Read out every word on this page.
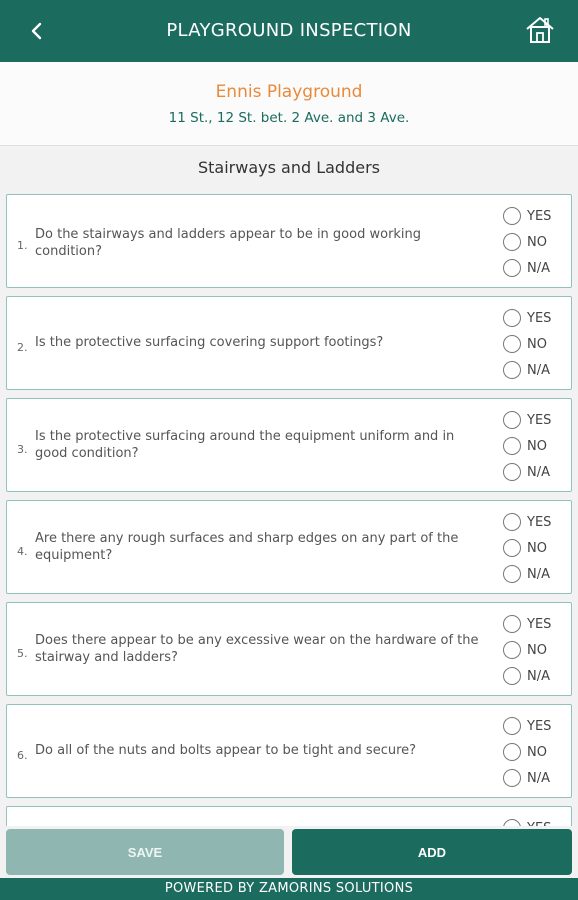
PLAYGROUND INSPECTION
Ennis Playground
11 St., 12 St. bet. 2 Ave. and 3 Ave.
Stairways and Ladders
1.
Do the stairways and ladders appear to be in good working condition?
YES
NO
N/A
2. Is the protective surfacing covering support footings?
YES
NO
N/A
3.
Is the protective surfacing around the equipment uniform and in good condition?
YES
NO
N/A
4.
Are there any rough surfaces and sharp edges on any part of the equipment?
YES
NO
N/A
5.
Does there appear to be any excessive wear on the hardware of the stairway and ladders?
YES
NO
N/A
6. Do all of the nuts and bolts appear to be tight and secure?
YES
NO
N/A
SAVE	ADD
POWERED BY ZAMORINS SOLUTIONS
